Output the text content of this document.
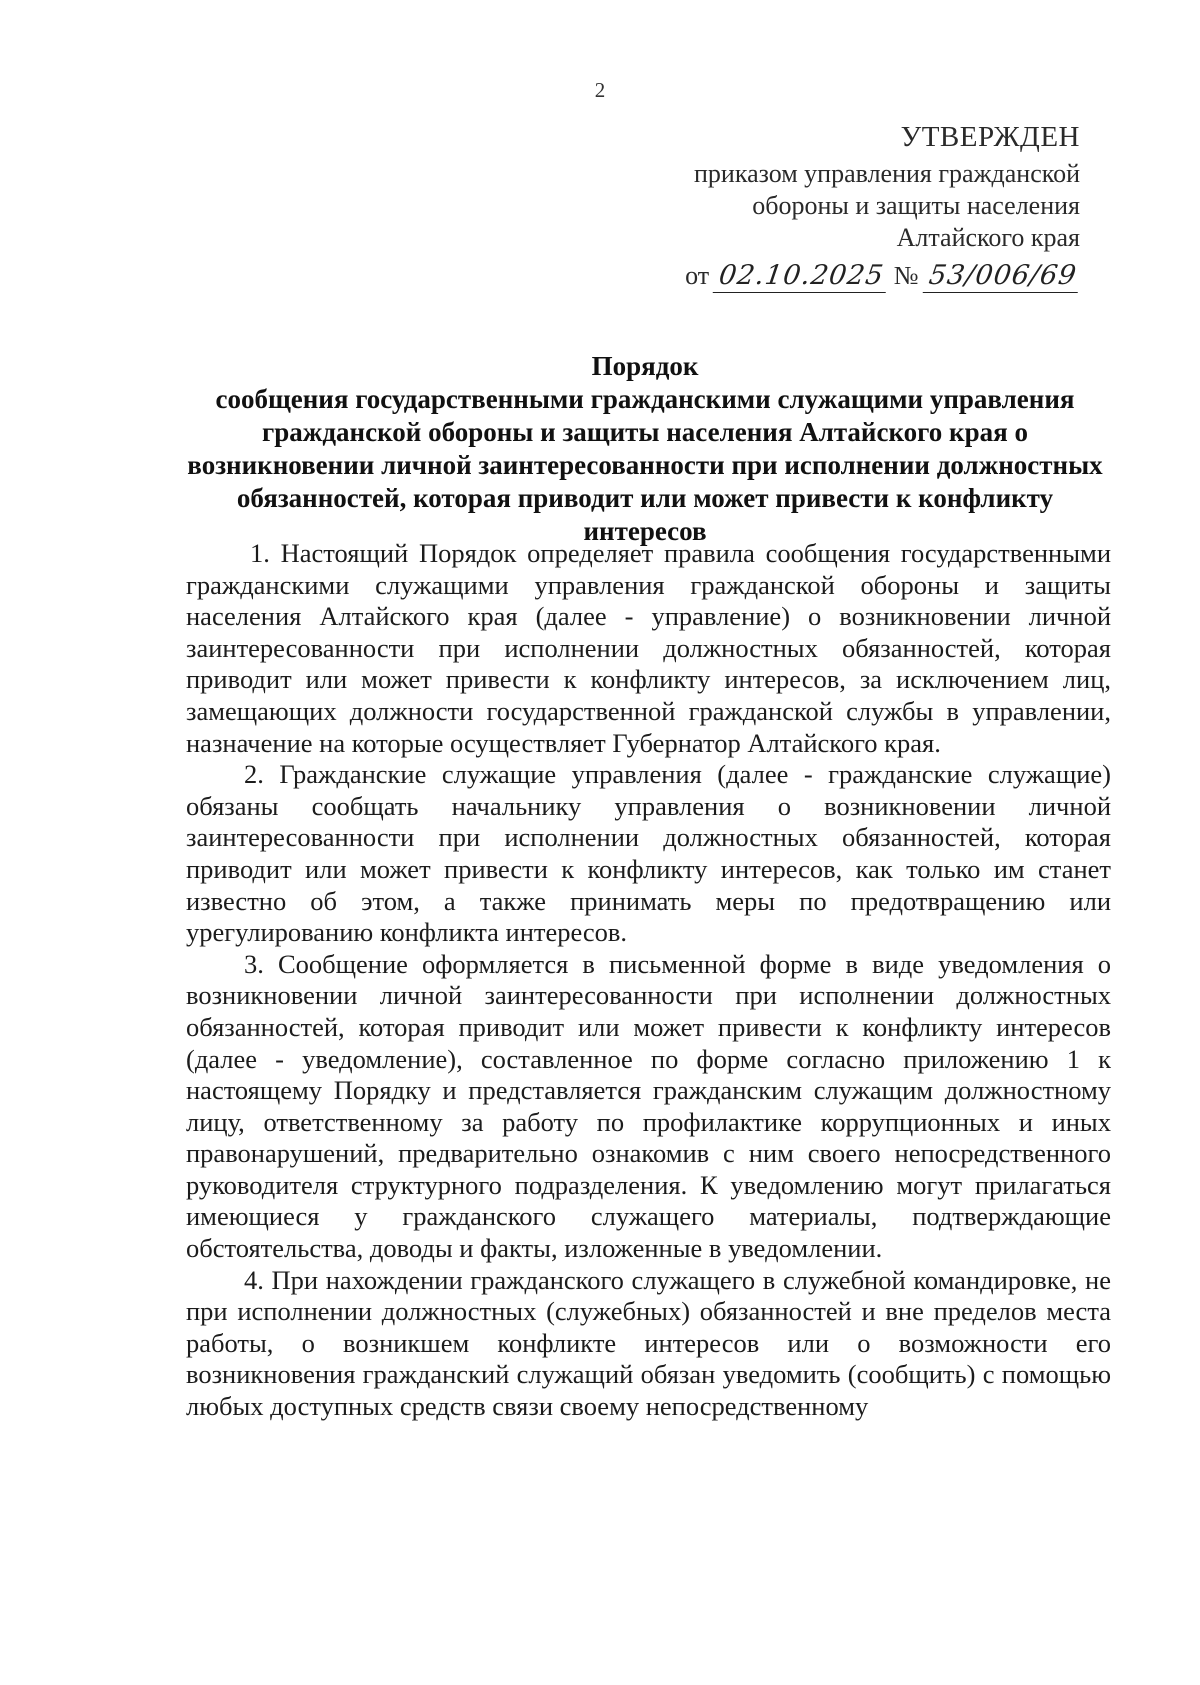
2
УТВЕРЖДЕН
приказом управления гражданской
обороны и защиты населения
Алтайского края
от 02.10.2025 № 53/006/69
Порядок
сообщения государственными гражданскими служащими управления гражданской обороны и защиты населения Алтайского края о возникновении личной заинтересованности при исполнении должностных обязанностей, которая приводит или может привести к конфликту интересов

1. Настоящий Порядок определяет правила сообщения государственными гражданскими служащими управления гражданской обороны и защиты населения Алтайского края (далее - управление) о возникновении личной заинтересованности при исполнении должностных обязанностей, которая приводит или может привести к конфликту интересов, за исключением лиц, замещающих должности государственной гражданской службы в управлении, назначение на которые осуществляет Губернатор Алтайского края.

2. Гражданские служащие управления (далее - гражданские служащие) обязаны сообщать начальнику управления о возникновении личной заинтересованности при исполнении должностных обязанностей, которая приводит или может привести к конфликту интересов, как только им станет известно об этом, а также принимать меры по предотвращению или урегулированию конфликта интересов.

3. Сообщение оформляется в письменной форме в виде уведомления о возникновении личной заинтересованности при исполнении должностных обязанностей, которая приводит или может привести к конфликту интересов (далее - уведомление), составленное по форме согласно приложению 1 к настоящему Порядку и представляется гражданским служащим должностному лицу, ответственному за работу по профилактике коррупционных и иных правонарушений, предварительно ознакомив с ним своего непосредственного руководителя структурного подразделения. К уведомлению могут прилагаться имеющиеся у гражданского служащего материалы, подтверждающие обстоятельства, доводы и факты, изложенные в уведомлении.

4. При нахождении гражданского служащего в служебной командировке, не при исполнении должностных (служебных) обязанностей и вне пределов места работы, о возникшем конфликте интересов или о возможности его возникновения гражданский служащий обязан уведомить (сообщить) с помощью любых доступных средств связи своему непосредственному
